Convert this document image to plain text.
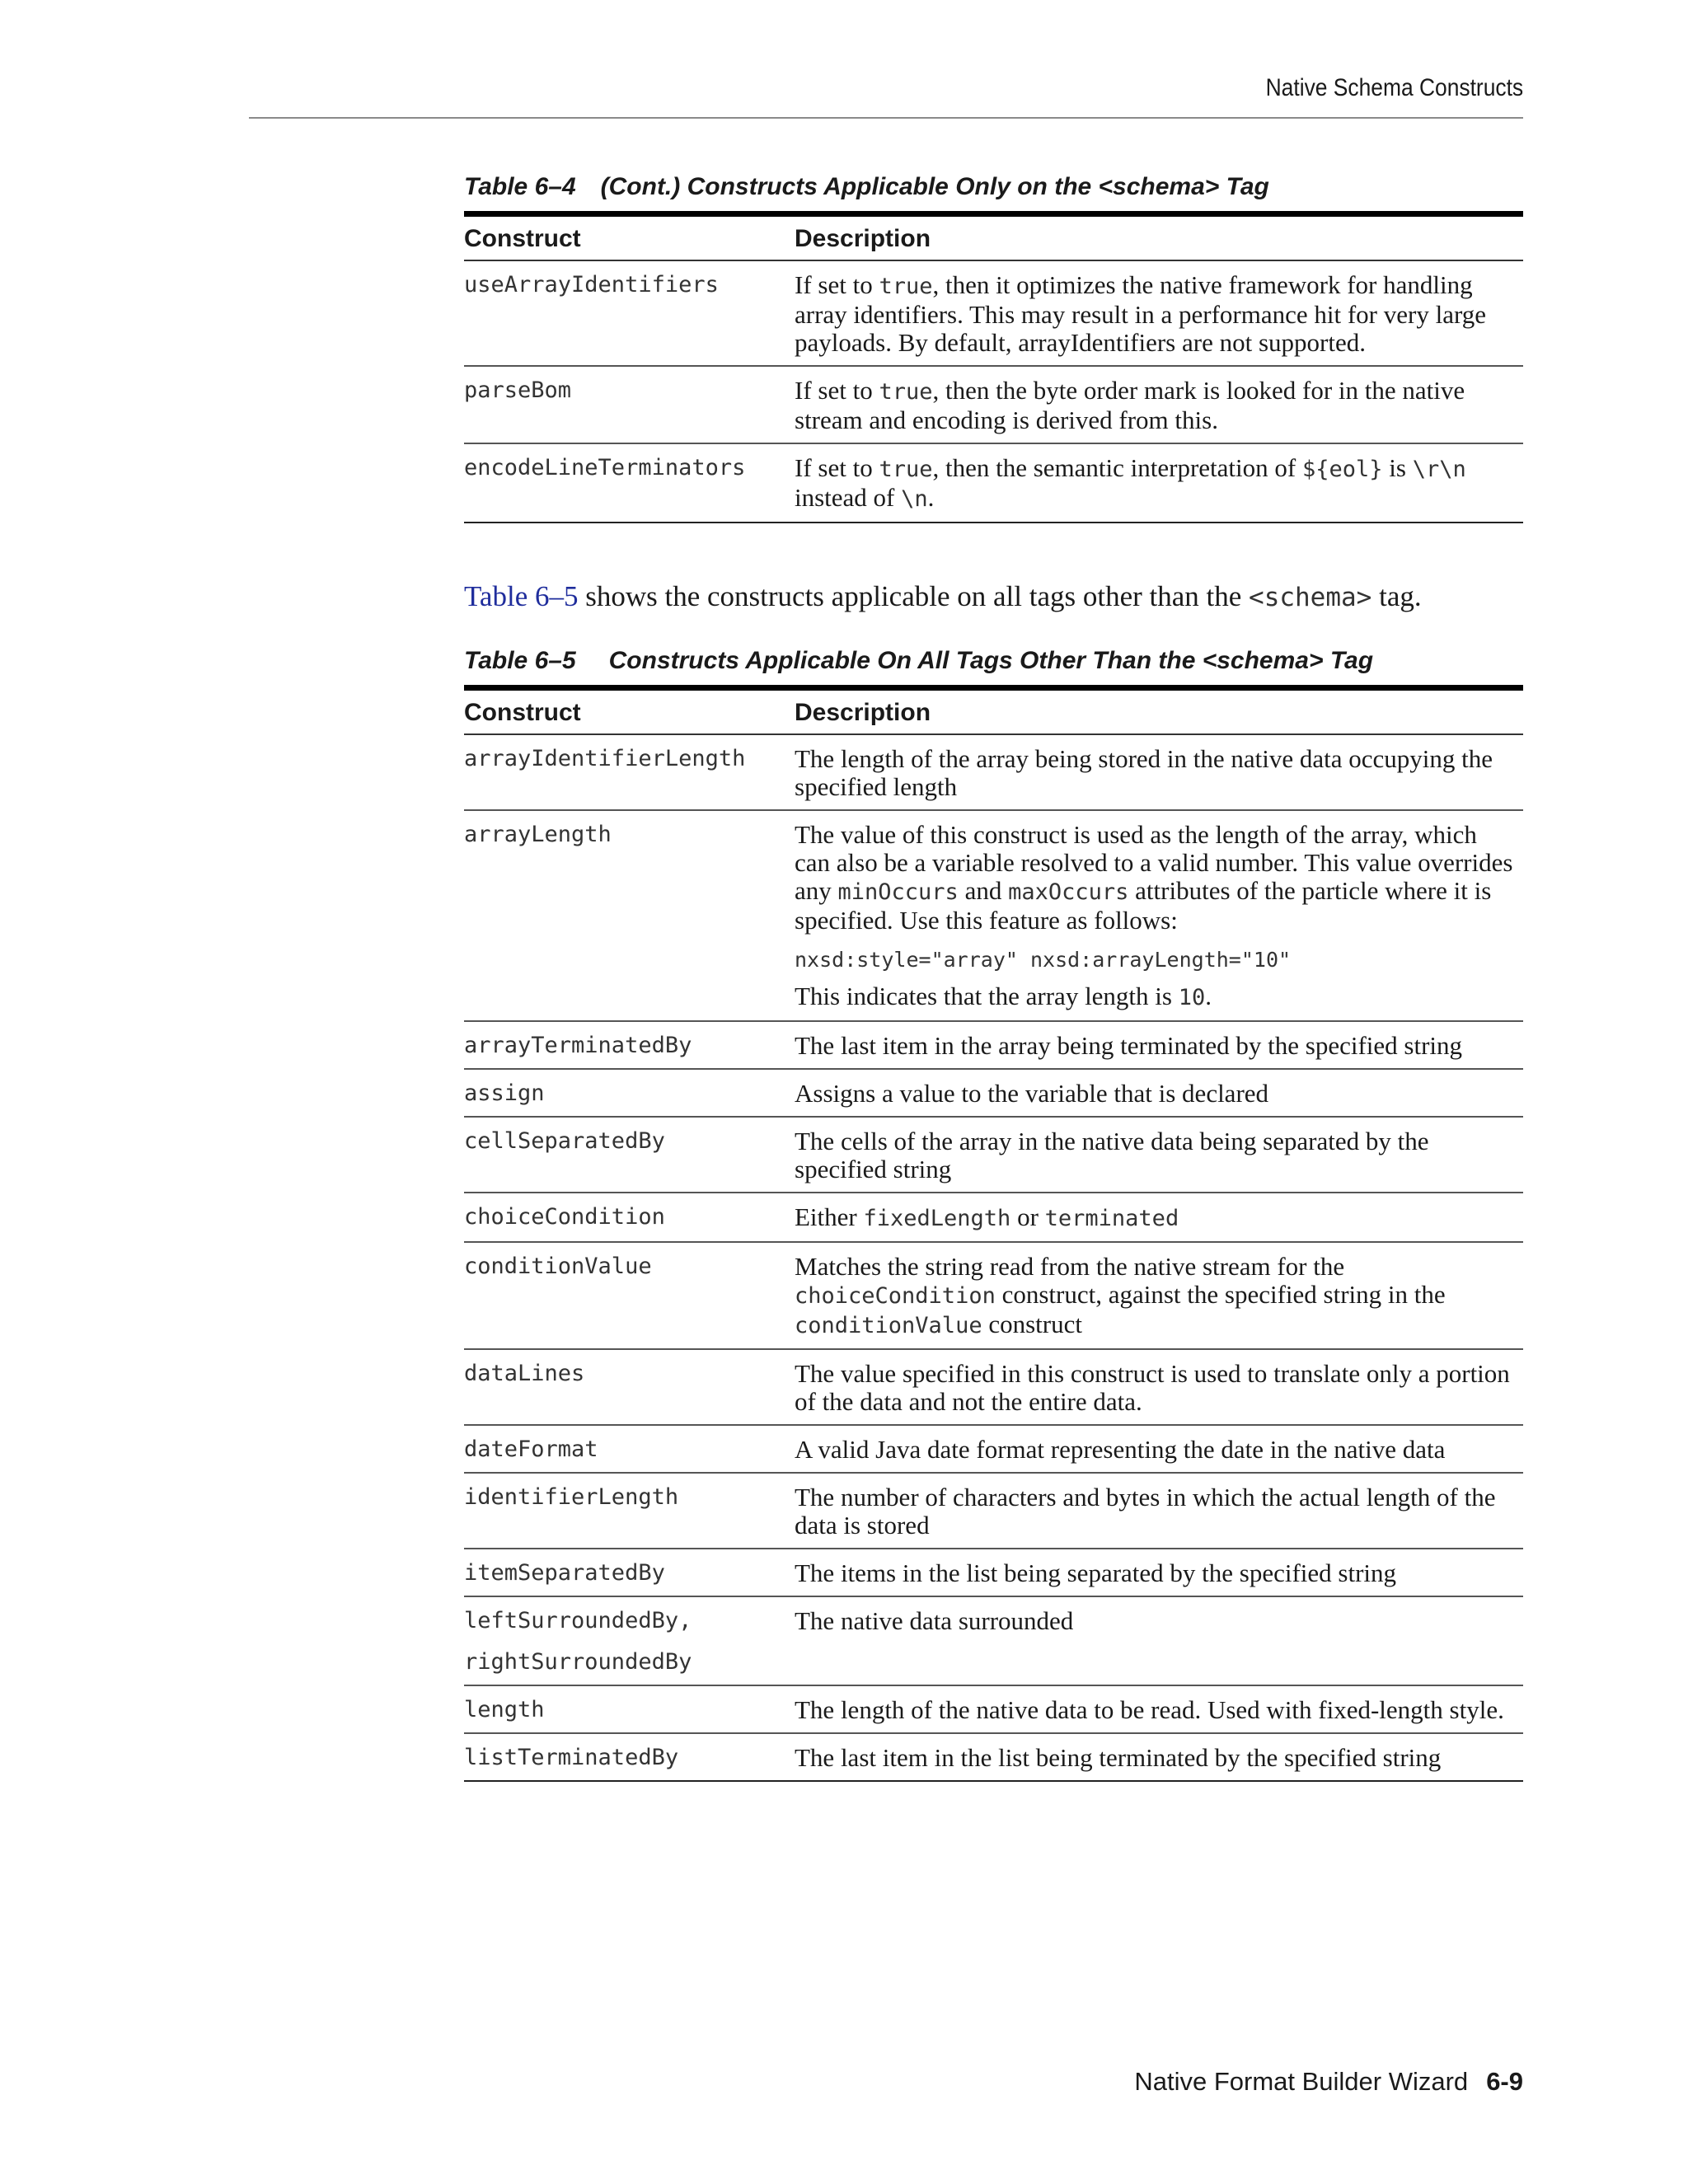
Native Schema Constructs
Table 6–4 (Cont.) Constructs Applicable Only on the <schema> Tag
Construct	Description
useArrayIdentifiers	If set to true, then it optimizes the native framework for handling array identifiers. This may result in a performance hit for very large payloads. By default, arrayIdentifiers are not supported.
parseBom	If set to true, then the byte order mark is looked for in the native stream and encoding is derived from this.
encodeLineTerminators	If set to true, then the semantic interpretation of ${eol} is \r\n instead of \n.
Table 6–5 shows the constructs applicable on all tags other than the <schema> tag.
Table 6–5 Constructs Applicable On All Tags Other Than the <schema> Tag
Construct	Description
arrayIdentifierLength	The length of the array being stored in the native data occupying the specified length
arrayLength	The value of this construct is used as the length of the array, which can also be a variable resolved to a valid number. This value overrides any minOccurs and maxOccurs attributes of the particle where it is specified. Use this feature as follows:
nxsd:style="array" nxsd:arrayLength="10"
This indicates that the array length is 10.

arrayTerminatedBy	The last item in the array being terminated by the specified string
assign	Assigns a value to the variable that is declared
cellSeparatedBy	The cells of the array in the native data being separated by the specified string
choiceCondition	Either fixedLength or terminated
conditionValue	Matches the string read from the native stream for the choiceCondition construct, against the specified string in the conditionValue construct
dataLines	The value specified in this construct is used to translate only a portion of the data and not the entire data.
dateFormat	A valid Java date format representing the date in the native data
identifierLength	The number of characters and bytes in which the actual length of the data is stored
itemSeparatedBy	The items in the list being separated by the specified string
leftSurroundedBy,
rightSurroundedBy	The native data surrounded
length	The length of the native data to be read. Used with fixed-length style.
listTerminatedBy	The last item in the list being terminated by the specified string
Native Format Builder Wizard 6-9
